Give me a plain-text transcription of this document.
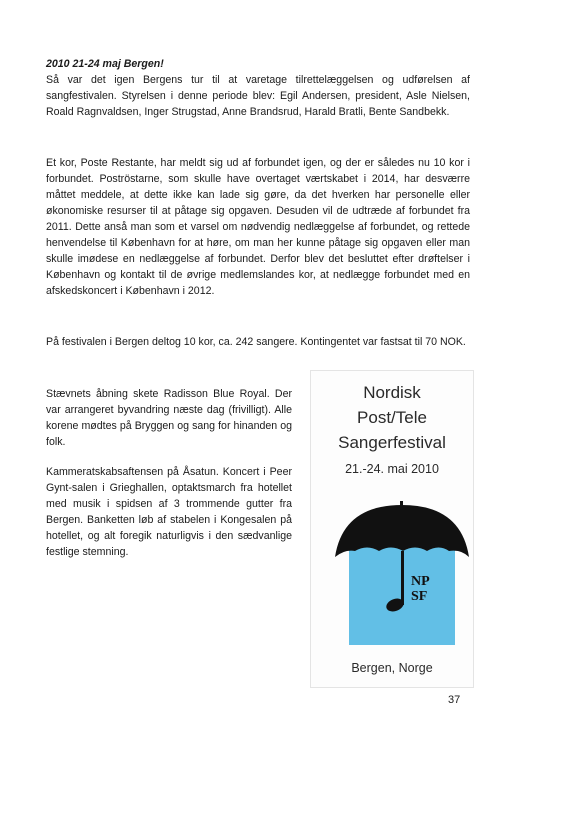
2010 21-24 maj Bergen!

Så var det igen Bergens tur til at varetage tilrettelæggelsen og udførelsen af sangfestivalen. Styrelsen i denne periode blev: Egil Andersen, president, Asle Nielsen, Roald Ragnvaldsen, Inger Strugstad, Anne Brandsrud, Harald Bratli, Bente Sandbekk.

Et kor, Poste Restante, har meldt sig ud af forbundet igen, og der er således nu 10 kor i forbundet. Poströstarne, som skulle have overtaget værtskabet i 2014, har desværre måttet meddele, at dette ikke kan lade sig gøre, da det hverken har personelle eller økonomiske resurser til at påtage sig opgaven. Desuden vil de udtræde af forbundet fra 2011. Dette anså man som et varsel om nødvendig nedlæggelse af forbundet, og rettede henvendelse til København for at høre, om man her kunne påtage sig opgaven eller man skulle imødese en nedlæggelse af forbundet. Derfor blev det besluttet efter drøftelser i København og kontakt til de øvrige medlemslandes kor, at nedlægge forbundet med en afskedskoncert i København i 2012.

På festivalen i Bergen deltog 10 kor, ca. 242 sangere. Kontingentet var fastsat til 70 NOK.

Stævnets åbning skete Radisson Blue Royal. Der var arrangeret byvandring næste dag (frivilligt). Alle korene mødtes på Bryggen og sang for hinanden og folk.

Kammeratskabsaftensen på Åsatun. Koncert i Peer Gynt-salen i Grieghallen, optaktsmarch fra hotellet med musik i spidsen af 3 trommende gutter fra Bergen. Banketten løb af stabelen i Kongesalen på hotellet, og alt foregik naturligvis i den sædvanlige festlige stemning.

Nordisk
Post/Tele
Sangerfestival
21.-24. mai 2010
NP
SF
Bergen, Norge
37
